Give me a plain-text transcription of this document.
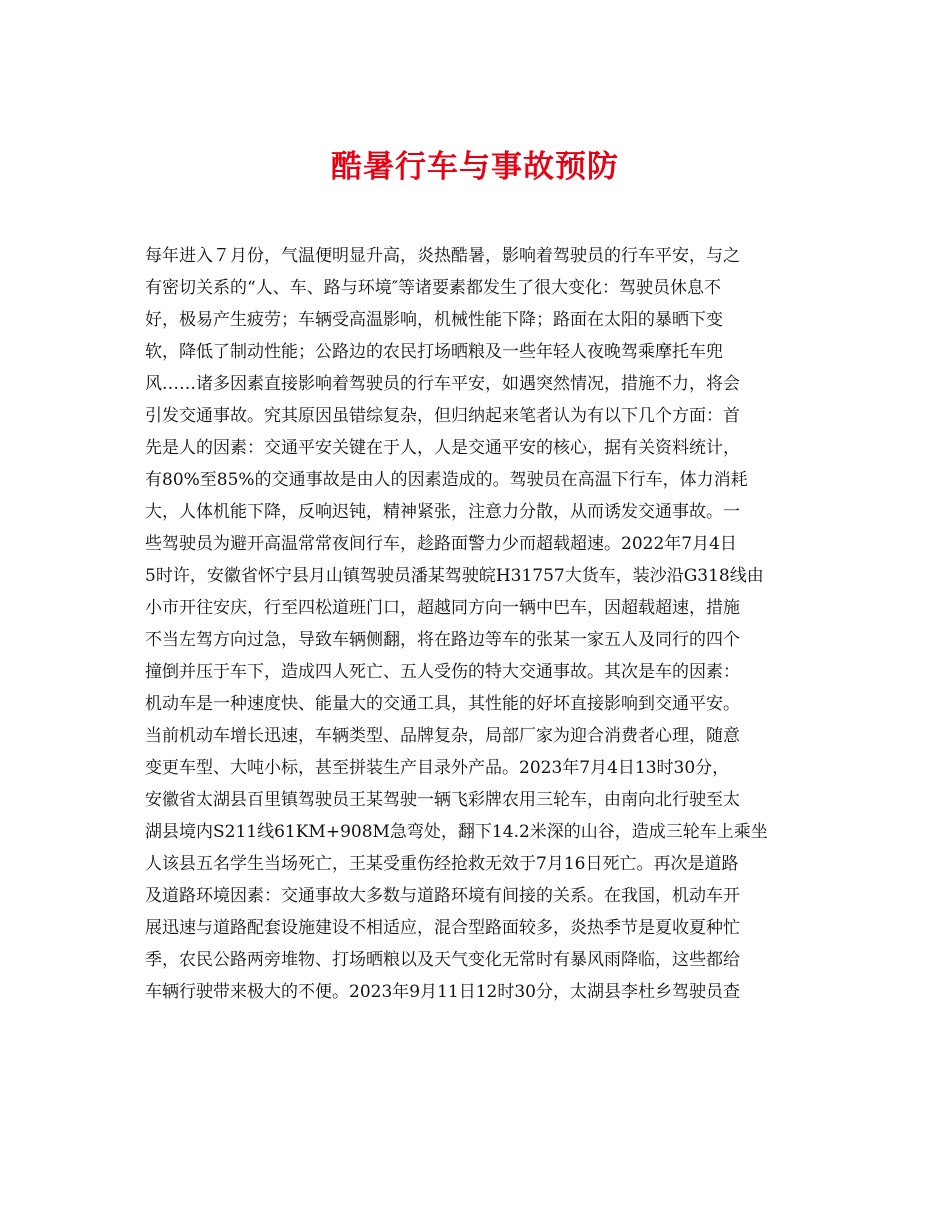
酷暑行车与事故预防
每年进入７月份，气温便明显升高，炎热酷暑，影响着驾驶员的行车平安，与之
有密切关系的“人、车、路与环境″等诸要素都发生了很大变化：驾驶员休息不
好，极易产生疲劳；车辆受高温影响，机械性能下降；路面在太阳的暴晒下变
软，降低了制动性能；公路边的农民打场晒粮及一些年轻人夜晚驾乘摩托车兜
风……诸多因素直接影响着驾驶员的行车平安，如遇突然情况，措施不力，将会
引发交通事故。究其原因虽错综复杂，但归纳起来笔者认为有以下几个方面：首
先是人的因素：交通平安关键在于人，人是交通平安的核心，据有关资料统计，
有80%至85%的交通事故是由人的因素造成的。驾驶员在高温下行车，体力消耗
大，人体机能下降，反响迟钝，精神紧张，注意力分散，从而诱发交通事故。一
些驾驶员为避开高温常常夜间行车，趁路面警力少而超载超速。2022年7月4日
5时许，安徽省怀宁县月山镇驾驶员潘某驾驶皖H31757大货车，装沙沿G318线由
小市开往安庆，行至四松道班门口，超越同方向一辆中巴车，因超载超速，措施
不当左驾方向过急，导致车辆侧翻，将在路边等车的张某一家五人及同行的四个
撞倒并压于车下，造成四人死亡、五人受伤的特大交通事故。其次是车的因素：
机动车是一种速度快、能量大的交通工具，其性能的好坏直接影响到交通平安。
当前机动车增长迅速，车辆类型、品牌复杂，局部厂家为迎合消费者心理，随意
变更车型、大吨小标，甚至拼装生产目录外产品。2023年7月4日13时30分，
安徽省太湖县百里镇驾驶员王某驾驶一辆飞彩牌农用三轮车，由南向北行驶至太
湖县境内S211线61KM+908M急弯处，翻下14.2米深的山谷，造成三轮车上乘坐
人该县五名学生当场死亡，王某受重伤经抢救无效于7月16日死亡。再次是道路
及道路环境因素：交通事故大多数与道路环境有间接的关系。在我国，机动车开
展迅速与道路配套设施建设不相适应，混合型路面较多，炎热季节是夏收夏种忙
季，农民公路两旁堆物、打场晒粮以及天气变化无常时有暴风雨降临，这些都给
车辆行驶带来极大的不便。2023年9月11日12时30分，太湖县李杜乡驾驶员查
